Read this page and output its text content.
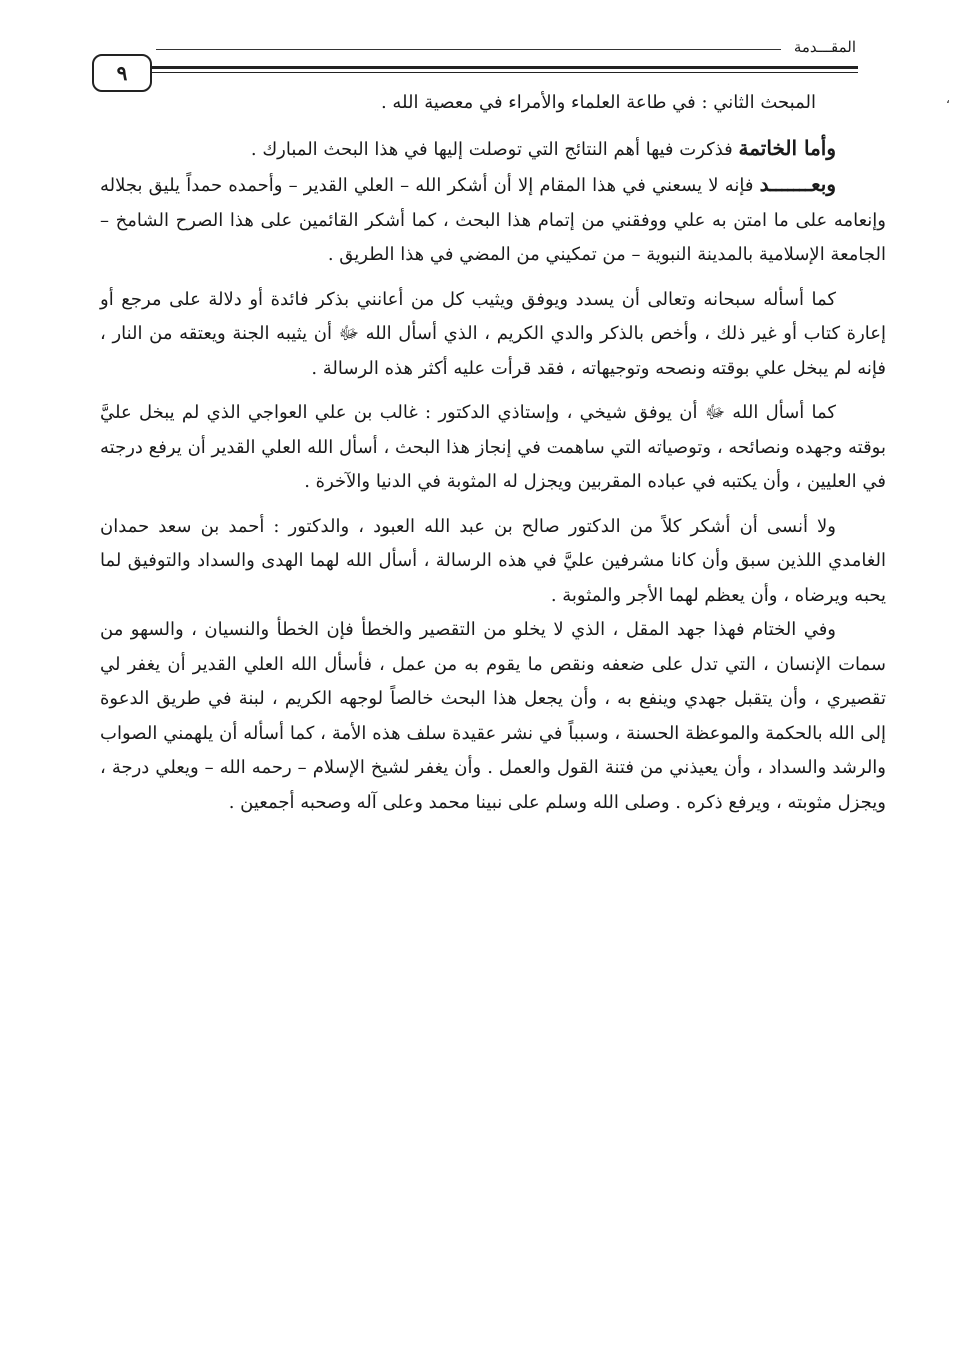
المقـــدمة
٩
،

المبحث الثاني : في طاعة العلماء والأمراء في معصية الله .

وأما الخاتمة فذكرت فيها أهم النتائج التي توصلت إليها في هذا البحث المبارك .

وبعـــــــد فإنه لا يسعني في هذا المقام إلا أن أشكر الله – العلي القدير – وأحمده حمداً يليق بجلاله وإنعامه على ما امتن به علي ووفقني من إتمام هذا البحث ، كما أشكر القائمين على هذا الصرح الشامخ – الجامعة الإسلامية بالمدينة النبوية – من تمكيني من المضي في هذا الطريق .

كما أسأله سبحانه وتعالى أن يسدد ويوفق ويثيب كل من أعانني بذكر فائدة أو دلالة على مرجع أو إعارة كتاب أو غير ذلك ، وأخص بالذكر والدي الكريم ، الذي أسأل الله ﷻ أن يثيبه الجنة ويعتقه من النار ، فإنه لم يبخل علي بوقته ونصحه وتوجيهاته ، فقد قرأت عليه أكثر هذه الرسالة .

كما أسأل الله ﷻ أن يوفق شيخي ، وإستاذي الدكتور : غالب بن علي العواجي الذي لم يبخل عليَّ بوقته وجهده ونصائحه ، وتوصياته التي ساهمت في إنجاز هذا البحث ، أسأل الله العلي القدير أن يرفع درجته في العليين ، وأن يكتبه في عباده المقربين ويجزل له المثوبة في الدنيا والآخرة .

ولا أنسى أن أشكر كلاً من الدكتور صالح بن عبد الله العبود ، والدكتور : أحمد بن سعد حمدان الغامدي اللذين سبق وأن كانا مشرفين عليَّ في هذه الرسالة ، أسأل الله لهما الهدى والسداد والتوفيق لما يحبه ويرضاه ، وأن يعظم لهما الأجر والمثوبة .

وفي الختام فهذا جهد المقل ، الذي لا يخلو من التقصير والخطأ فإن الخطأ والنسيان ، والسهو من سمات الإنسان ، التي تدل على ضعفه ونقص ما يقوم به من عمل ، فأسأل الله العلي القدير أن يغفر لي تقصيري ، وأن يتقبل جهدي وينفع به ، وأن يجعل هذا البحث خالصاً لوجهه الكريم ، لبنة في طريق الدعوة إلى الله بالحكمة والموعظة الحسنة ، وسبباً في نشر عقيدة سلف هذه الأمة ، كما أسأله أن يلهمني الصواب والرشد والسداد ، وأن يعيذني من فتنة القول والعمل . وأن يغفر لشيخ الإسلام – رحمه الله – ويعلي درجة ، ويجزل مثوبته ، ويرفع ذكره . وصلى الله وسلم على نبينا محمد وعلى آله وصحبه أجمعين .
